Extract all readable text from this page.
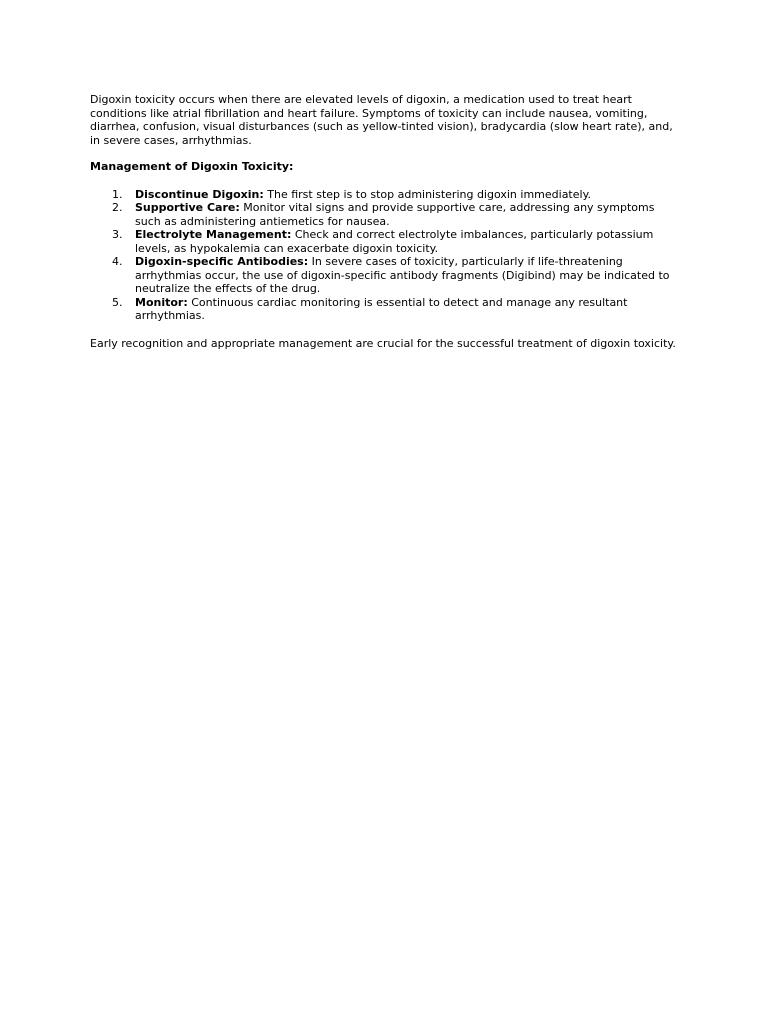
Digoxin toxicity occurs when there are elevated levels of digoxin, a medication used to treat heart conditions like atrial fibrillation and heart failure. Symptoms of toxicity can include nausea, vomiting, diarrhea, confusion, visual disturbances (such as yellow-tinted vision), bradycardia (slow heart rate), and, in severe cases, arrhythmias.

Management of Digoxin Toxicity:

1. Discontinue Digoxin: The first step is to stop administering digoxin immediately.
2. Supportive Care: Monitor vital signs and provide supportive care, addressing any symptoms such as administering antiemetics for nausea.
3. Electrolyte Management: Check and correct electrolyte imbalances, particularly potassium levels, as hypokalemia can exacerbate digoxin toxicity.
4. Digoxin-specific Antibodies: In severe cases of toxicity, particularly if life-threatening arrhythmias occur, the use of digoxin-specific antibody fragments (Digibind) may be indicated to neutralize the effects of the drug.
5. Monitor: Continuous cardiac monitoring is essential to detect and manage any resultant arrhythmias.

Early recognition and appropriate management are crucial for the successful treatment of digoxin toxicity.
